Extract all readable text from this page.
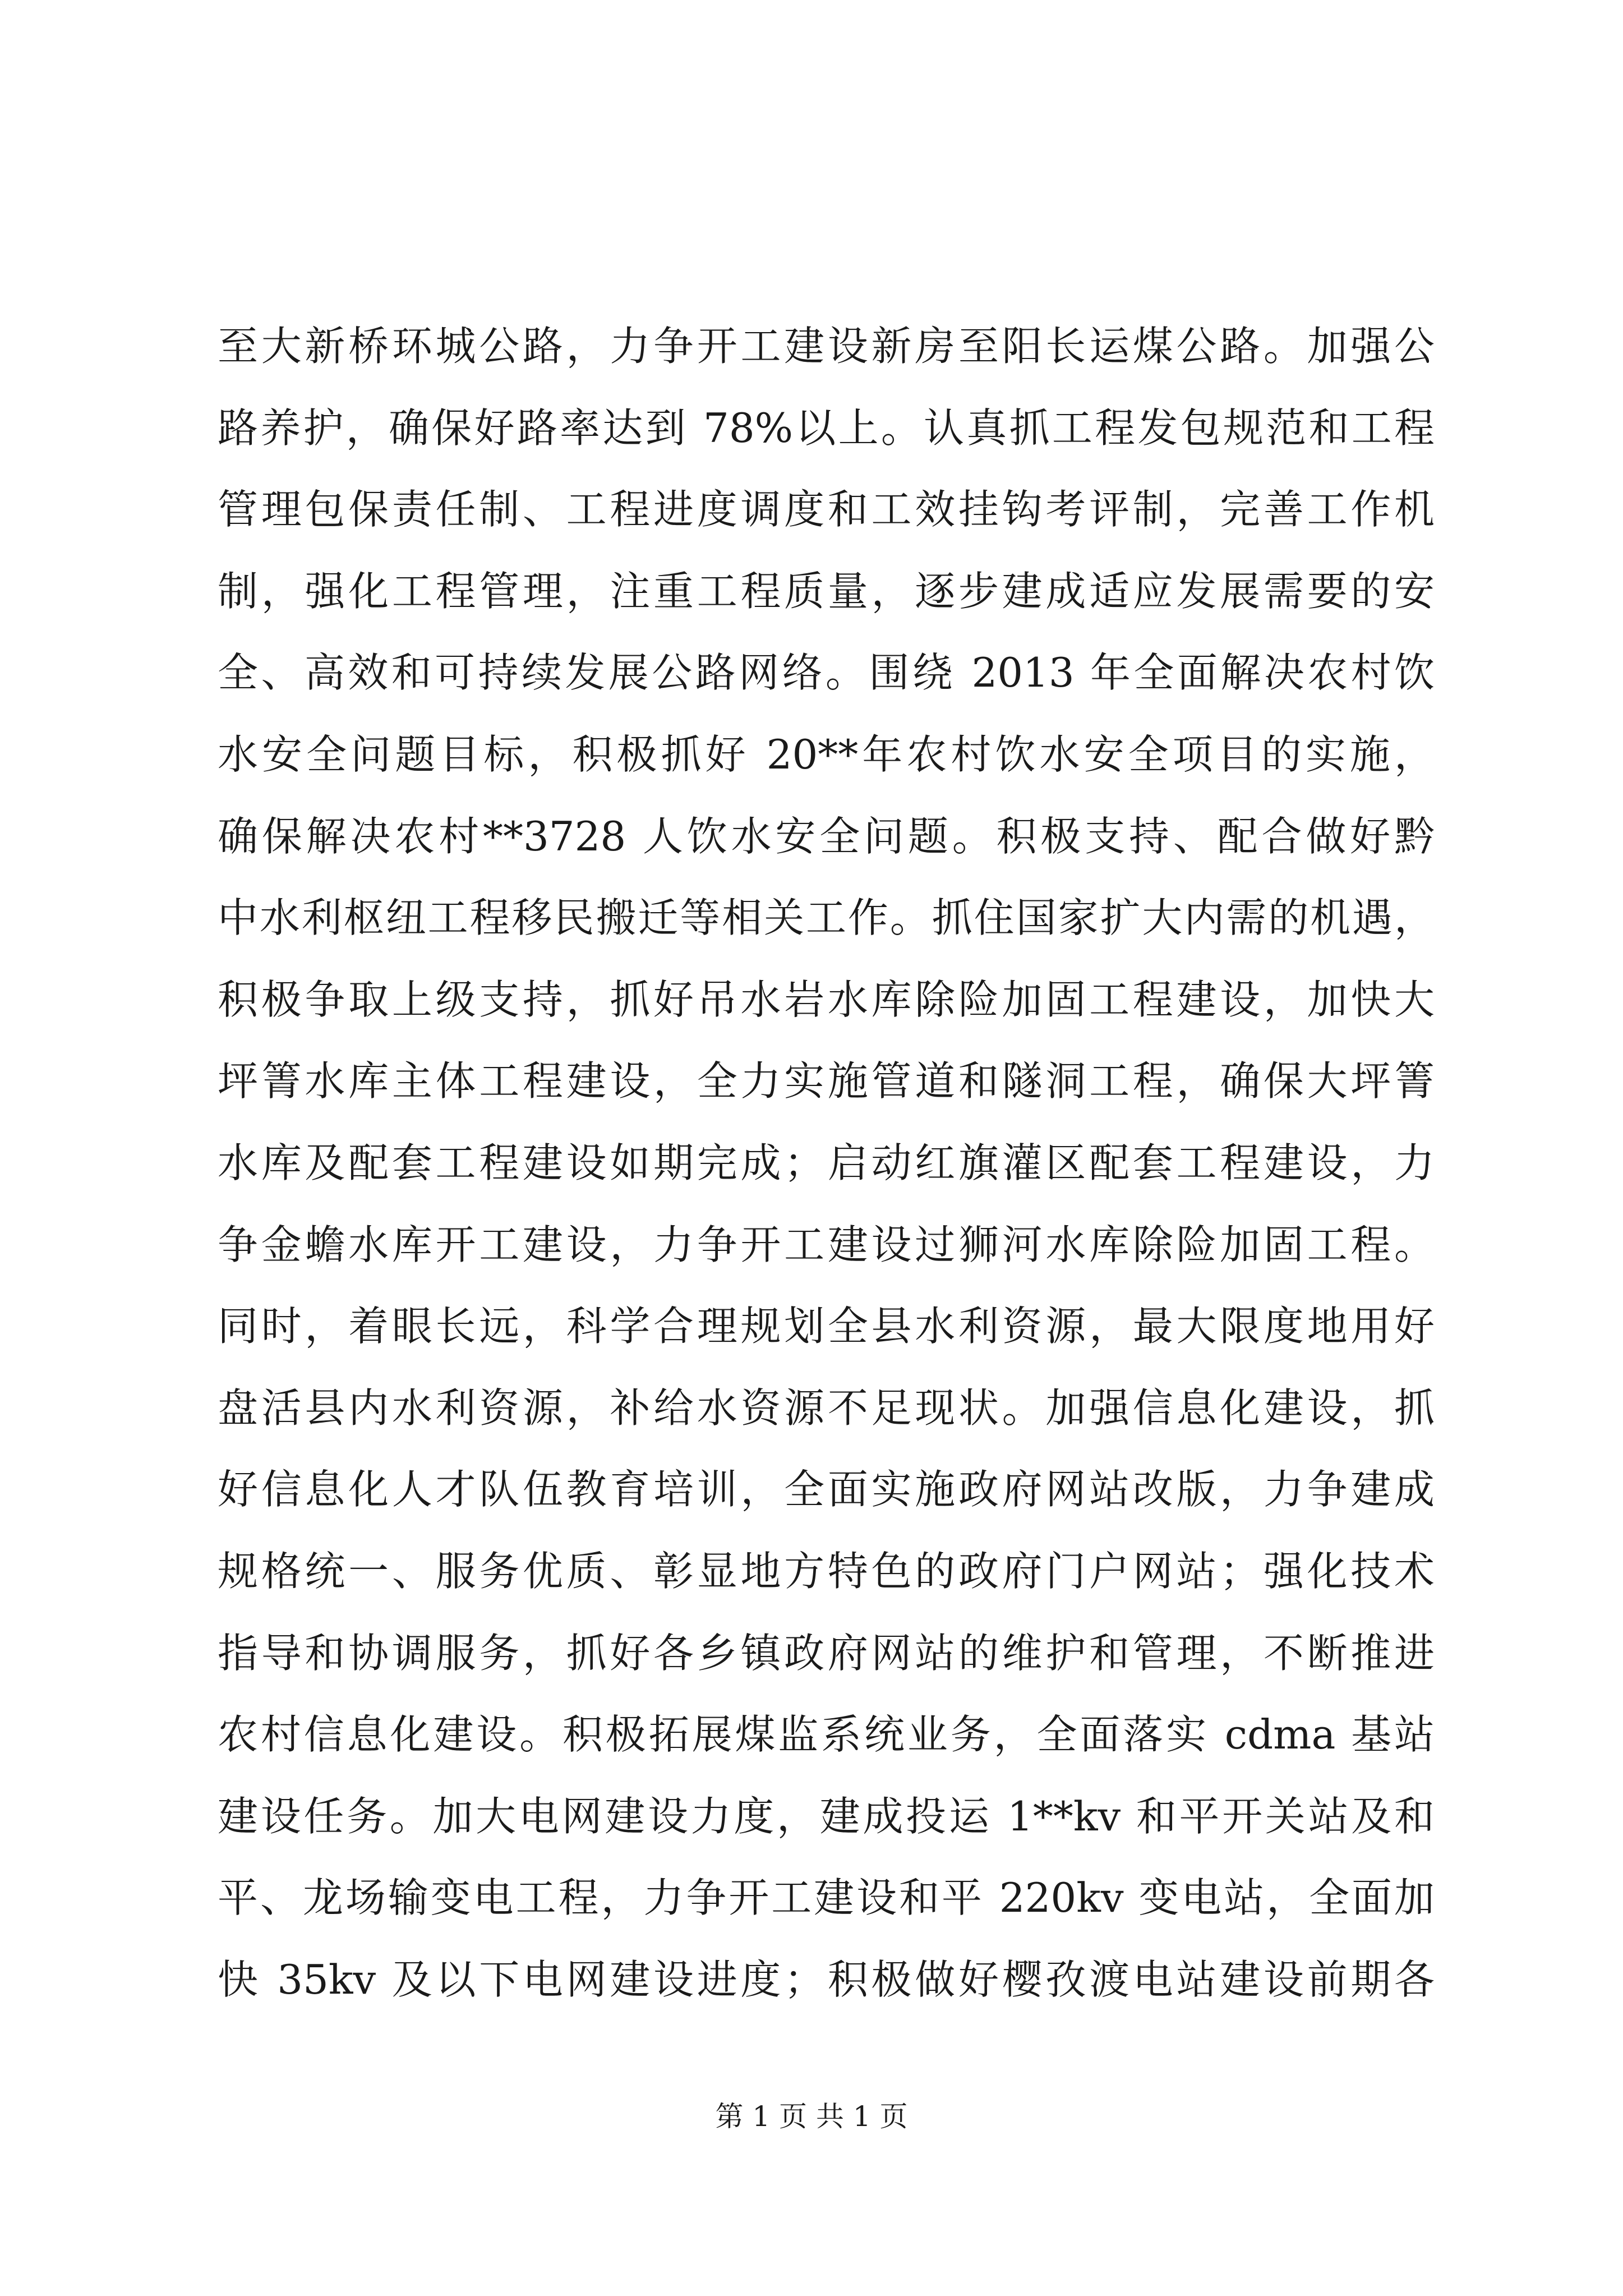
至大新桥环城公路，力争开工建设新房至阳长运煤公路。加强公
路养护，确保好路率达到 78%以上。认真抓工程发包规范和工程
管理包保责任制、工程进度调度和工效挂钩考评制，完善工作机
制，强化工程管理，注重工程质量，逐步建成适应发展需要的安
全、高效和可持续发展公路网络。围绕 2013 年全面解决农村饮
水安全问题目标，积极抓好 20**年农村饮水安全项目的实施，
确保解决农村**3728 人饮水安全问题。积极支持、配合做好黔
中水利枢纽工程移民搬迁等相关工作。抓住国家扩大内需的机遇，
积极争取上级支持，抓好吊水岩水库除险加固工程建设，加快大
坪箐水库主体工程建设，全力实施管道和隧洞工程，确保大坪箐
水库及配套工程建设如期完成；启动红旗灌区配套工程建设，力
争金蟾水库开工建设，力争开工建设过狮河水库除险加固工程。
同时，着眼长远，科学合理规划全县水利资源，最大限度地用好
盘活县内水利资源，补给水资源不足现状。加强信息化建设，抓
好信息化人才队伍教育培训，全面实施政府网站改版，力争建成
规格统一、服务优质、彰显地方特色的政府门户网站；强化技术
指导和协调服务，抓好各乡镇政府网站的维护和管理，不断推进
农村信息化建设。积极拓展煤监系统业务，全面落实 cdma 基站
建设任务。加大电网建设力度，建成投运 1**kv 和平开关站及和
平、龙场输变电工程，力争开工建设和平 220kv 变电站，全面加
快 35kv 及以下电网建设进度；积极做好樱孜渡电站建设前期各
第 1 页 共 1 页
